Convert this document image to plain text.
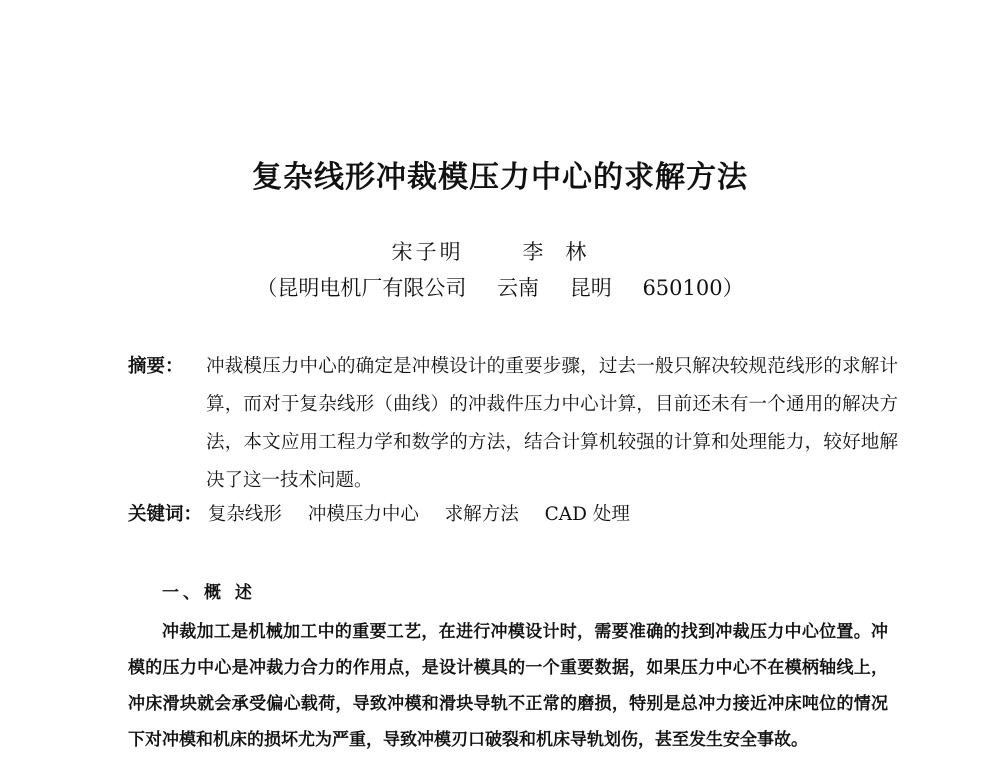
复杂线形冲裁模压力中心的求解方法
宋子明	李林
（昆明电机厂有限公司 云南 昆明 650100）
摘要： 冲裁模压力中心的确定是冲模设计的重要步骤，过去一般只解决较规范线形的求解计算，而对于复杂线形（曲线）的冲裁件压力中心计算，目前还未有一个通用的解决方法，本文应用工程力学和数学的方法，结合计算机较强的计算和处理能力，较好地解决了这一技术问题。
关键词： 复杂线形 冲模压力中心 求解方法 CAD 处理
一、概 述
冲裁加工是机械加工中的重要工艺，在进行冲模设计时，需要准确的找到冲裁压力中心位置。冲模的压力中心是冲裁力合力的作用点，是设计模具的一个重要数据，如果压力中心不在模柄轴线上，冲床滑块就会承受偏心载荷，导致冲模和滑块导轨不正常的磨损，特别是总冲力接近冲床吨位的情况下对冲模和机床的损坏尤为严重，导致冲模刃口破裂和机床导轨划伤，甚至发生安全事故。
